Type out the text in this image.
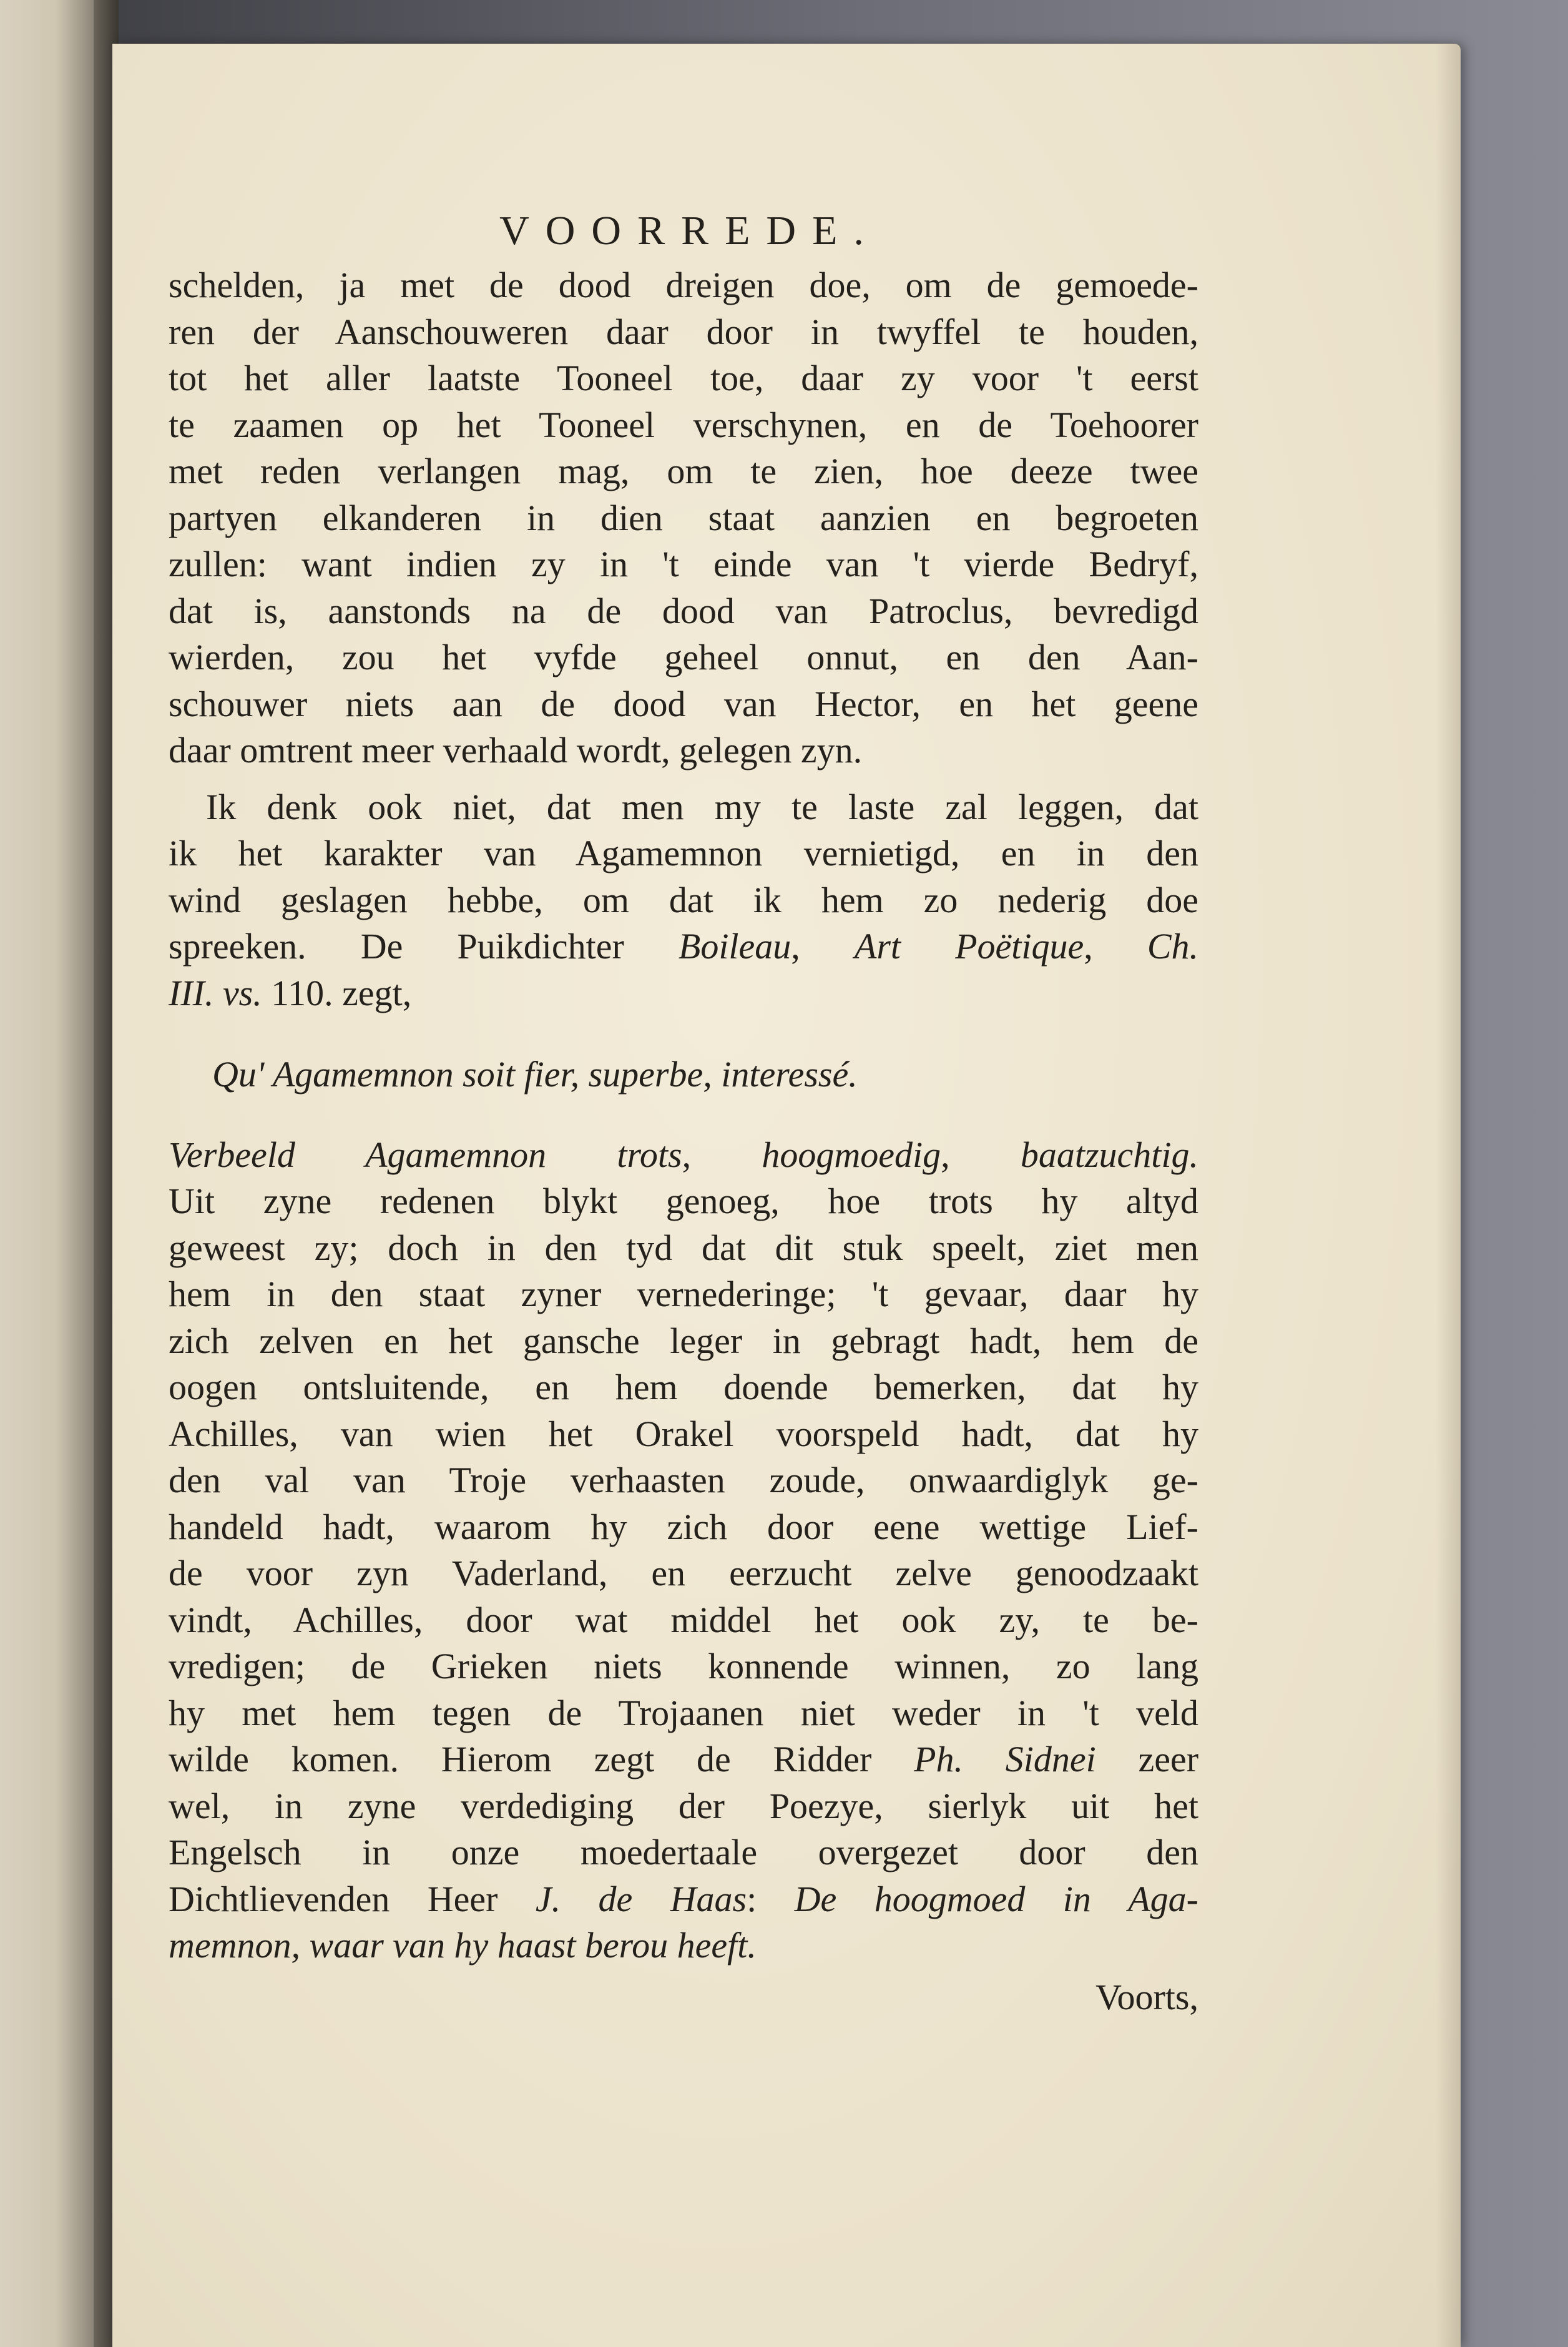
VOORREDE.
schelden, ja met de dood dreigen doe, om de gemoede-
ren der Aanschouweren daar door in twyffel te houden,
tot het aller laatste Tooneel toe, daar zy voor 't eerst
te zaamen op het Tooneel verschynen, en de Toehoorer
met reden verlangen mag, om te zien, hoe deeze twee
partyen elkanderen in dien staat aanzien en begroeten
zullen: want indien zy in 't einde van 't vierde Bedryf,
dat is, aanstonds na de dood van Patroclus, bevredigd
wierden, zou het vyfde geheel onnut, en den Aan-
schouwer niets aan de dood van Hector, en het geene
daar omtrent meer verhaald wordt, gelegen zyn.
Ik denk ook niet, dat men my te laste zal leggen, dat
ik het karakter van Agamemnon vernietigd, en in den
wind geslagen hebbe, om dat ik hem zo nederig doe
spreeken. De Puikdichter Boileau, Art Poëtique, Ch.
III. vs. 110. zegt,
Qu' Agamemnon soit fier, superbe, interessé.
Verbeeld Agamemnon trots, hoogmoedig, baatzuchtig.
Uit zyne redenen blykt genoeg, hoe trots hy altyd
geweest zy; doch in den tyd dat dit stuk speelt, ziet men
hem in den staat zyner vernederinge; 't gevaar, daar hy
zich zelven en het gansche leger in gebragt hadt, hem de
oogen ontsluitende, en hem doende bemerken, dat hy
Achilles, van wien het Orakel voorspeld hadt, dat hy
den val van Troje verhaasten zoude, onwaardiglyk ge-
handeld hadt, waarom hy zich door eene wettige Lief-
de voor zyn Vaderland, en eerzucht zelve genoodzaakt
vindt, Achilles, door wat middel het ook zy, te be-
vredigen; de Grieken niets konnende winnen, zo lang
hy met hem tegen de Trojaanen niet weder in 't veld
wilde komen. Hierom zegt de Ridder Ph. Sidnei zeer
wel, in zyne verdediging der Poezye, sierlyk uit het
Engelsch in onze moedertaale overgezet door den
Dichtlievenden Heer J. de Haas: De hoogmoed in Aga-
memnon, waar van hy haast berou heeft.
Voorts,
